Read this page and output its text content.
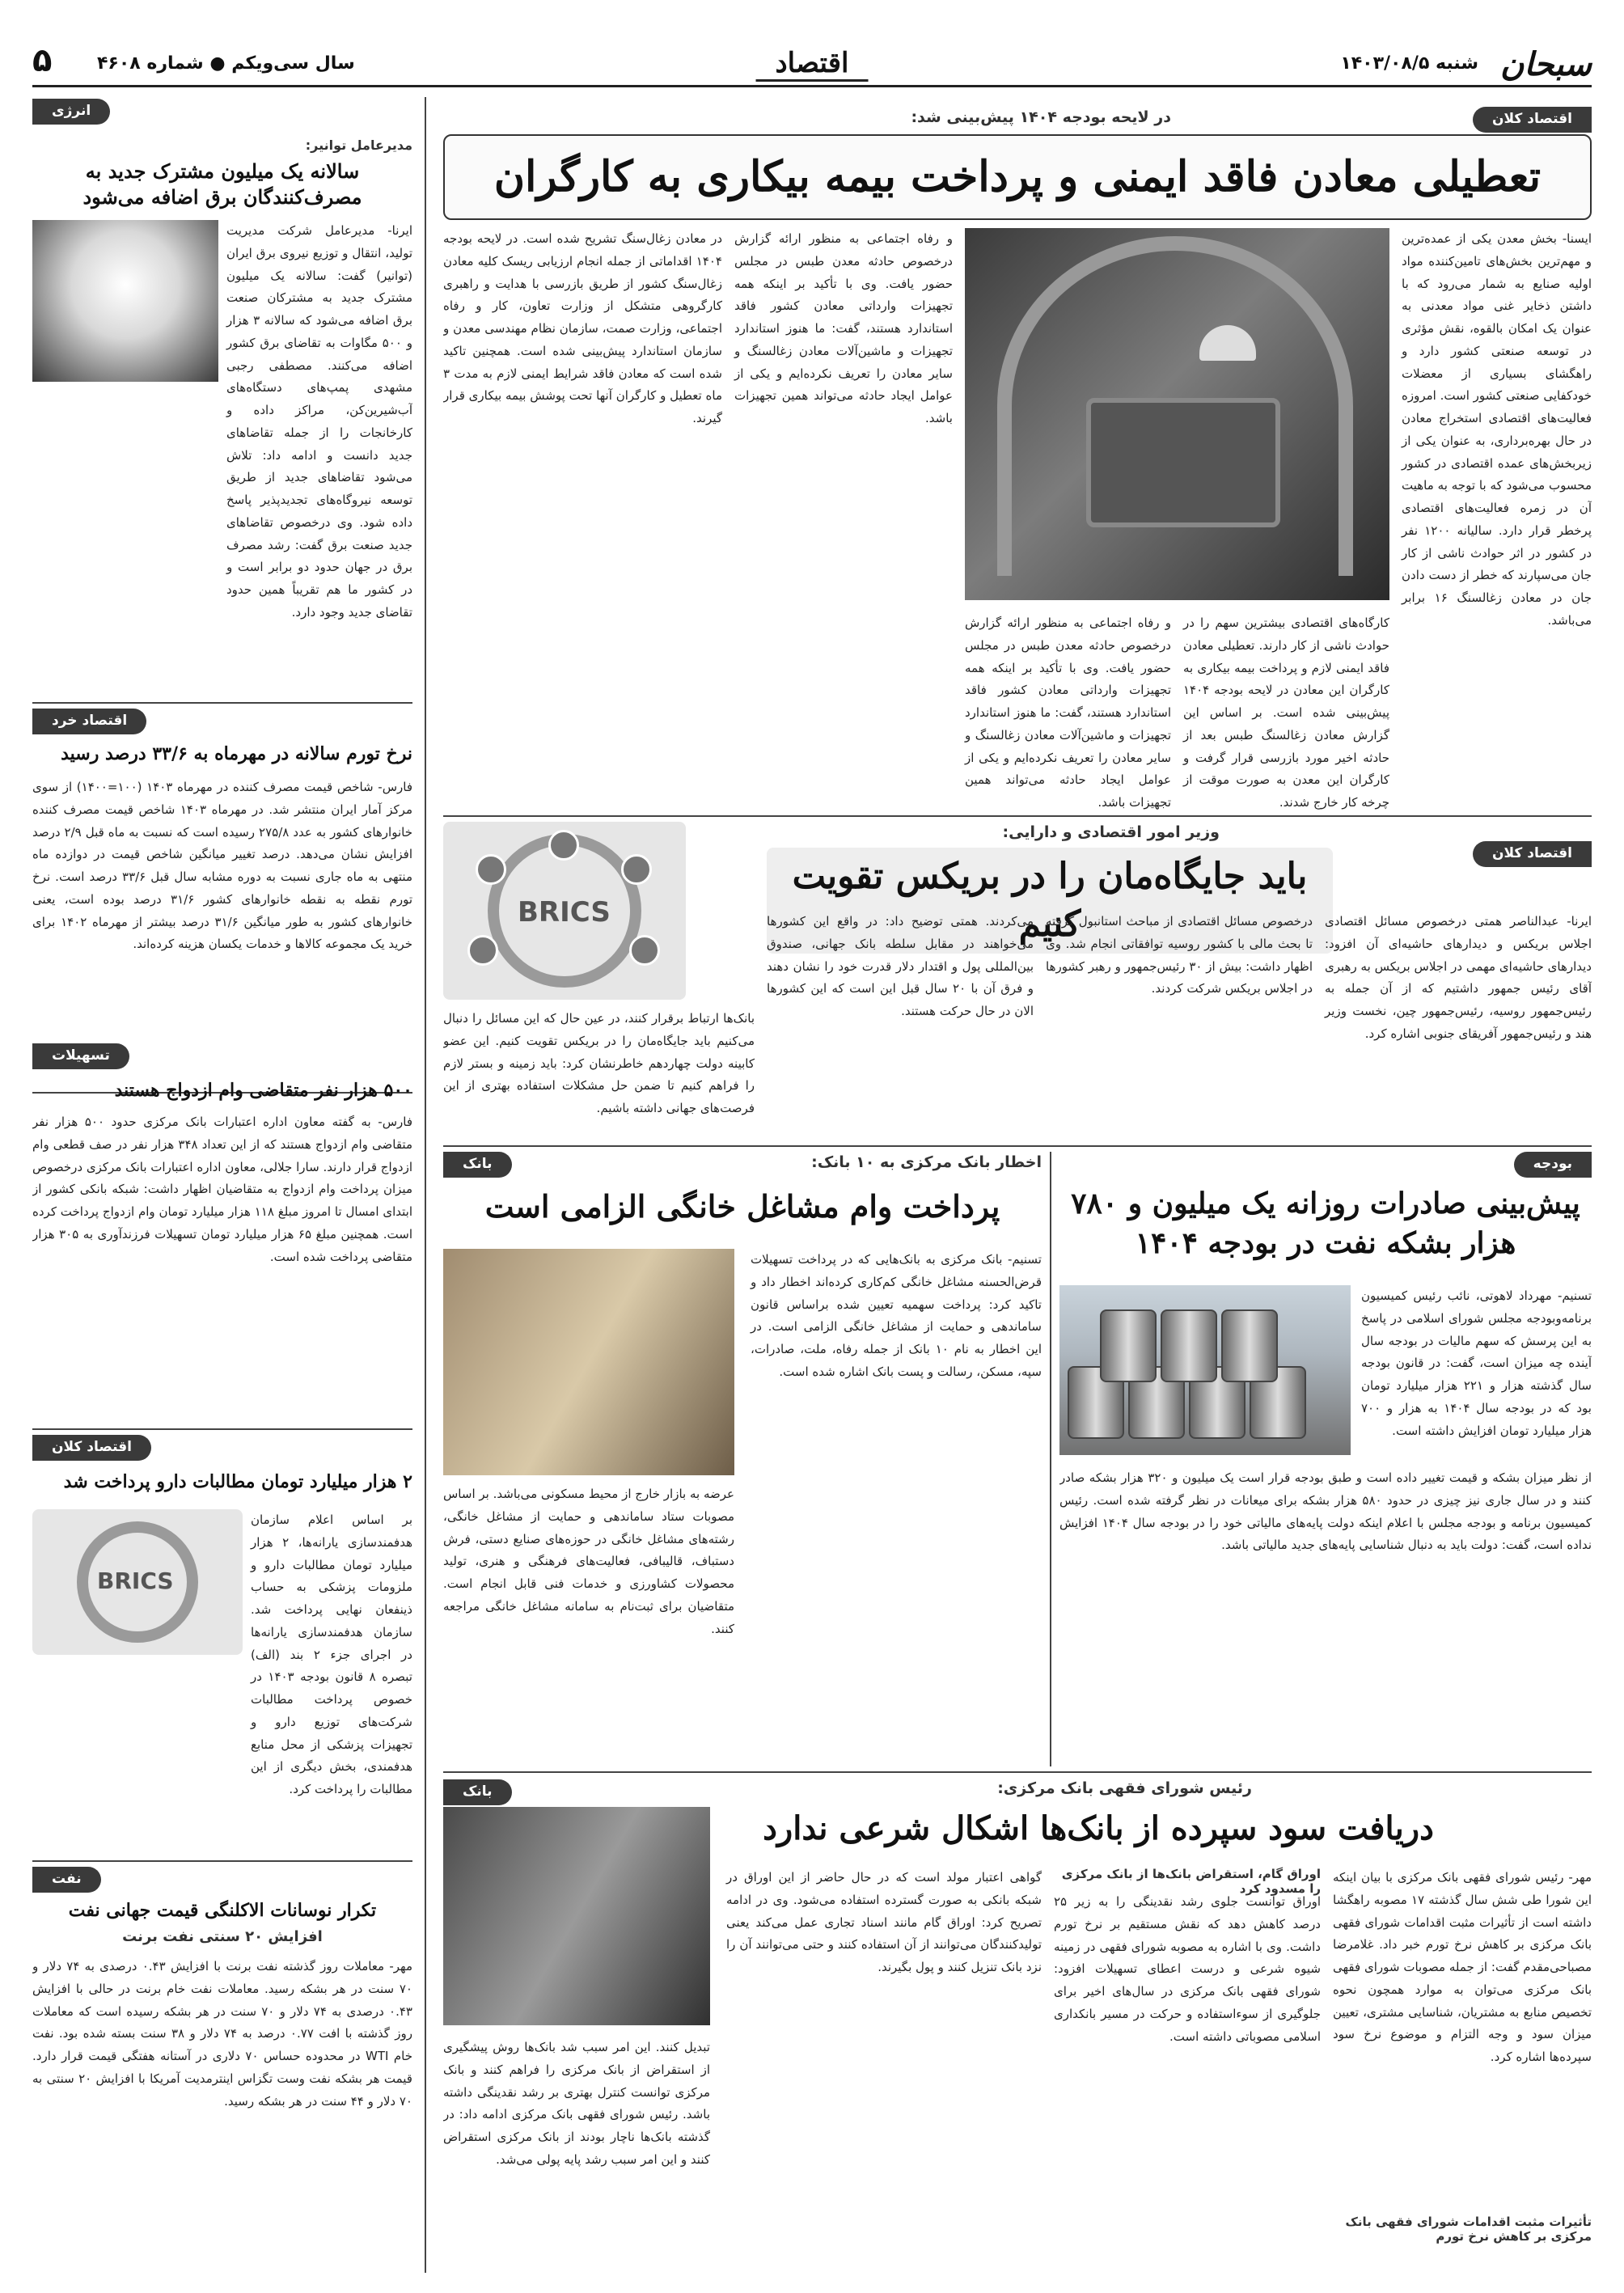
سبحان
شنبه ۱۴۰۳/۰۸/۵
اقتصاد
سال سی‌ویکم ● شماره ۴۶۰۸
۵
اقتصاد کلان
در لایحه بودجه ۱۴۰۴ پیش‌بینی شد:
تعطیلی معادن فاقد ایمنی و پرداخت بیمه بیکاری به کارگران

ایسنا- بخش معدن یکی از عمده‌ترین و مهم‌ترین بخش‌های تامین‌کننده مواد اولیه صنایع به شمار می‌رود که با داشتن ذخایر غنی مواد معدنی به عنوان یک امکان بالقوه، نقش مؤثری در توسعه صنعتی کشور دارد و راهگشای بسیاری از معضلات خودکفایی صنعتی کشور است. امروزه فعالیت‌های اقتصادی استخراج معادن در حال بهره‌برداری، به عنوان یکی از زیربخش‌های عمده اقتصادی در کشور محسوب می‌شود که با توجه به ماهیت آن در زمره فعالیت‌های اقتصادی پرخطر قرار دارد. سالیانه ۱۲۰۰ نفر در کشور در اثر حوادث ناشی از کار جان می‌سپارند که خطر از دست دادن جان در معادن زغالسنگ ۱۶ برابر می‌باشد.

کارگاه‌های اقتصادی بیشترین سهم را در حوادث ناشی از کار دارند. تعطیلی معادن فاقد ایمنی لازم و پرداخت بیمه بیکاری به کارگران این معادن در لایحه بودجه ۱۴۰۴ پیش‌بینی شده است. بر اساس این گزارش معادن زغالسنگ طبس بعد از حادثه اخیر مورد بازرسی قرار گرفت و کارگران این معدن به صورت موقت از چرخه کار خارج شدند.

و رفاه اجتماعی به منظور ارائه گزارش درخصوص حادثه معدن طبس در مجلس حضور یافت. وی با تأکید بر اینکه همه تجهیزات وارداتی معادن کشور فاقد استاندارد هستند، گفت: ما هنوز استاندارد تجهیزات و ماشین‌آلات معادن زغالسنگ و سایر معادن را تعریف نکرده‌ایم و یکی از عوامل ایجاد حادثه می‌تواند همین تجهیزات باشد.

و رفاه اجتماعی به منظور ارائه گزارش درخصوص حادثه معدن طبس در مجلس حضور یافت. وی با تأکید بر اینکه همه تجهیزات وارداتی معادن کشور فاقد استاندارد هستند، گفت: ما هنوز استاندارد تجهیزات و ماشین‌آلات معادن زغالسنگ و سایر معادن را تعریف نکرده‌ایم و یکی از عوامل ایجاد حادثه می‌تواند همین تجهیزات باشد.

در معادن زغال‌سنگ تشریح شده است. در لایحه بودجه ۱۴۰۴ اقداماتی از جمله انجام ارزیابی ریسک کلیه معادن زغال‌سنگ کشور از طریق بازرسی با هدایت و راهبری کارگروهی متشکل از وزارت تعاون، کار و رفاه اجتماعی، وزارت صمت، سازمان نظام مهندسی معدن و سازمان استاندارد پیش‌بینی شده است. همچنین تاکید شده است که معادن فاقد شرایط ایمنی لازم به مدت ۳ ماه تعطیل و کارگران آنها تحت پوشش بیمه بیکاری قرار گیرند.

اقتصاد کلان
وزیر امور اقتصادی و دارایی:
باید جایگاه‌مان را در بریکس تقویت کنیم
BRICS	ایرنا- عبدالناصر همتی درخصوص مسائل اقتصادی اجلاس بریکس و دیدارهای حاشیه‌ای آن افزود: دیدارهای حاشیه‌ای مهمی در اجلاس بریکس به رهبری آقای رئیس جمهور داشتیم که از آن جمله به رئیس‌جمهور روسیه، رئیس‌جمهور چین، نخست وزیر هند و رئیس‌جمهور آفریقای جنوبی اشاره کرد.

درخصوص مسائل اقتصادی از مباحث استانبول گرفته تا بحث مالی با کشور روسیه توافقاتی انجام شد. وی اظهار داشت: بیش از ۳۰ رئیس‌جمهور و رهبر کشورها در اجلاس بریکس شرکت کردند.

می‌کردند. همتی توضیح داد: در واقع این کشورها می‌خواهند در مقابل سلطه بانک جهانی، صندوق بین‌المللی پول و اقتدار دلار قدرت خود را نشان دهند و فرق آن با ۲۰ سال قبل این است که این کشورها الان در حال حرکت هستند.

بانک‌ها ارتباط برقرار کنند، در عین حال که این مسائل را دنبال می‌کنیم باید جایگاه‌مان را در بریکس تقویت کنیم. این عضو کابینه دولت چهاردهم خاطرنشان کرد: باید زمینه و بستر لازم را فراهم کنیم تا ضمن حل مشکلات استفاده بهتری از این فرصت‌های جهانی داشته باشیم.

بودجه
پیش‌بینی صادرات روزانه یک میلیون و ۷۸۰ هزار بشکه نفت در بودجه ۱۴۰۴

تسنیم- مهرداد لاهوتی، نائب رئیس کمیسیون برنامه‌وبودجه مجلس شورای اسلامی در پاسخ به این پرسش که سهم مالیات در بودجه سال آینده چه میزان است، گفت: در قانون بودجه سال گذشته هزار و ۲۲۱ هزار میلیارد تومان بود که در بودجه سال ۱۴۰۴ به هزار و ۷۰۰ هزار میلیارد تومان افزایش داشته است.

از نظر میزان بشکه و قیمت تغییر داده است و طبق بودجه قرار است یک میلیون و ۳۲۰ هزار بشکه صادر کنند و در سال جاری نیز چیزی در حدود ۵۸۰ هزار بشکه برای میعانات در نظر گرفته شده است. رئیس کمیسیون برنامه و بودجه مجلس با اعلام اینکه دولت پایه‌های مالیاتی خود را در بودجه سال ۱۴۰۴ افزایش نداده است، گفت: دولت باید به دنبال شناسایی پایه‌های جدید مالیاتی باشد.

بانک	اخطار بانک مرکزی به ۱۰ بانک:
پرداخت وام مشاغل خانگی الزامی است

تسنیم- بانک مرکزی به بانک‌هایی که در پرداخت تسهیلات قرض‌الحسنه مشاغل خانگی کم‌کاری کرده‌اند اخطار داد و تاکید کرد: پرداخت سهمیه تعیین شده براساس قانون ساماندهی و حمایت از مشاغل خانگی الزامی است. در این اخطار به نام ۱۰ بانک از جمله رفاه، ملت، صادرات، سپه، مسکن، رسالت و پست بانک اشاره شده است.

عرضه به بازار خارج از محیط مسکونی می‌باشد. بر اساس مصوبات ستاد ساماندهی و حمایت از مشاغل خانگی، رشته‌های مشاغل خانگی در حوزه‌های صنایع دستی، فرش دستباف، قالیبافی، فعالیت‌های فرهنگی و هنری، تولید محصولات کشاورزی و خدمات فنی قابل انجام است. متقاضیان برای ثبت‌نام به سامانه مشاغل خانگی مراجعه کنند.

بانک	رئیس شورای فقهی بانک مرکزی:
دریافت سود سپرده از بانک‌ها اشکال شرعی ندارد

مهر- رئیس شورای فقهی بانک مرکزی با بیان اینکه این شورا طی شش سال گذشته ۱۷ مصوبه راهگشا داشته است از تأثیرات مثبت اقدامات شورای فقهی بانک مرکزی بر کاهش نرخ تورم خبر داد. غلامرضا مصباحی‌مقدم گفت: از جمله مصوبات شورای فقهی بانک مرکزی می‌توان به موارد همچون نحوه تخصیص منابع به مشتریان، شناسایی مشتری، تعیین میزان سود و وجه التزام و موضوع نرخ سود سپرده‌ها اشاره کرد.

تأثیرات مثبت اقدامات شورای فقهی بانک مرکزی بر کاهش نرخ تورم
اوراق گام، استقراض بانک‌ها از بانک مرکزی را مسدود کرد

اوراق توانست جلوی رشد نقدینگی را به زیر ۲۵ درصد کاهش دهد که نقش مستقیم بر نرخ تورم داشت. وی با اشاره به مصوبه شورای فقهی در زمینه شیوه شرعی و درست اعطای تسهیلات افزود: شورای فقهی بانک مرکزی در سال‌های اخیر برای جلوگیری از سوءاستفاده و حرکت در مسیر بانکداری اسلامی مصوباتی داشته است.

گواهی اعتبار مولد است که در حال حاضر از این اوراق در شبکه بانکی به صورت گسترده استفاده می‌شود. وی در ادامه تصریح کرد: اوراق گام مانند اسناد تجاری عمل می‌کند یعنی تولیدکنندگان می‌توانند از آن استفاده کنند و حتی می‌توانند آن را نزد بانک تنزیل کنند و پول بگیرند.

تبدیل کنند. این امر سبب شد بانک‌ها روش پیشگیری از استقراض از بانک مرکزی را فراهم کنند و بانک مرکزی توانست کنترل بهتری بر رشد نقدینگی داشته باشد. رئیس شورای فقهی بانک مرکزی ادامه داد: در گذشته بانک‌ها ناچار بودند از بانک مرکزی استقراض کنند و این امر سبب رشد پایه پولی می‌شد.

انرژی
مدیرعامل توانیر:
سالانه یک میلیون مشترک جدید به مصرف‌کنندگان برق اضافه می‌شود

ایرنا- مدیرعامل شرکت مدیریت تولید، انتقال و توزیع نیروی برق ایران (توانیر) گفت: سالانه یک میلیون مشترک جدید به مشترکان صنعت برق اضافه می‌شود که سالانه ۳ هزار و ۵۰۰ مگاوات به تقاضای برق کشور اضافه می‌کنند. مصطفی رجبی مشهدی پمپ‌های دستگاه‌های آب‌شیرین‌کن، مراکز داده و کارخانجات را از جمله تقاضاهای جدید دانست و ادامه داد: تلاش می‌شود تقاضاهای جدید از طریق توسعه نیروگاه‌های تجدیدپذیر پاسخ داده شود. وی درخصوص تقاضاهای جدید صنعت برق گفت: رشد مصرف برق در جهان حدود دو برابر است و در کشور ما هم تقریباً همین حدود تقاضای جدید وجود دارد.

اقتصاد خرد
نرخ تورم سالانه در مهرماه به ۳۳/۶ درصد رسید

فارس- شاخص قیمت مصرف کننده در مهرماه ۱۴۰۳ (۱۰۰=۱۴۰۰) از سوی مرکز آمار ایران منتشر شد. در مهرماه ۱۴۰۳ شاخص قیمت مصرف کننده خانوارهای کشور به عدد ۲۷۵/۸ رسیده است که نسبت به ماه قبل ۲/۹ درصد افزایش نشان می‌دهد. درصد تغییر میانگین شاخص قیمت در دوازده ماه منتهی به ماه جاری نسبت به دوره مشابه سال قبل ۳۳/۶ درصد است. نرخ تورم نقطه به نقطه خانوارهای کشور ۳۱/۶ درصد بوده است، یعنی خانوارهای کشور به طور میانگین ۳۱/۶ درصد بیشتر از مهرماه ۱۴۰۲ برای خرید یک مجموعه کالاها و خدمات یکسان هزینه کرده‌اند.

تسهیلات
۵۰۰ هزار نفر متقاضی وام ازدواج هستند

فارس- به گفته معاون اداره اعتبارات بانک مرکزی حدود ۵۰۰ هزار نفر متقاضی وام ازدواج هستند که از این تعداد ۳۴۸ هزار نفر در صف قطعی وام ازدواج قرار دارند. سارا جلالی، معاون اداره اعتبارات بانک مرکزی درخصوص میزان پرداخت وام ازدواج به متقاضیان اظهار داشت: شبکه بانکی کشور از ابتدای امسال تا امروز مبلغ ۱۱۸ هزار میلیارد تومان وام ازدواج پرداخت کرده است. همچنین مبلغ ۶۵ هزار میلیارد تومان تسهیلات فرزندآوری به ۳۰۵ هزار متقاضی پرداخت شده است.

اقتصاد کلان
۲ هزار میلیارد تومان مطالبات دارو پرداخت شد
BRICS

بر اساس اعلام سازمان هدفمندسازی یارانه‌ها، ۲ هزار میلیارد تومان مطالبات دارو و ملزومات پزشکی به حساب ذینفعان نهایی پرداخت شد. سازمان هدفمندسازی یارانه‌ها در اجرای جزء ۲ بند (الف) تبصره ۸ قانون بودجه ۱۴۰۳ در خصوص پرداخت مطالبات شرکت‌های توزیع دارو و تجهیزات پزشکی از محل منابع هدفمندی، بخش دیگری از این مطالبات را پرداخت کرد.

نفت
تکرار نوسانات الاکلنگی قیمت جهانی نفت
افزایش ۲۰ سنتی نفت برنت

مهر- معاملات روز گذشته نفت برنت با افزایش ۰.۴۳ درصدی به ۷۴ دلار و ۷۰ سنت در هر بشکه رسید. معاملات نفت خام برنت در حالی با افزایش ۰.۴۳ درصدی به ۷۴ دلار و ۷۰ سنت در هر بشکه رسیده است که معاملات روز گذشته با افت ۰.۷۷ درصد به ۷۴ دلار و ۳۸ سنت بسته شده بود. نفت خام WTI در محدوده حساس ۷۰ دلاری در آستانه هفتگی قیمت قرار دارد. قیمت هر بشکه نفت وست تگزاس اینترمدیت آمریکا با افزایش ۲۰ سنتی به ۷۰ دلار و ۴۴ سنت در هر بشکه رسید.
